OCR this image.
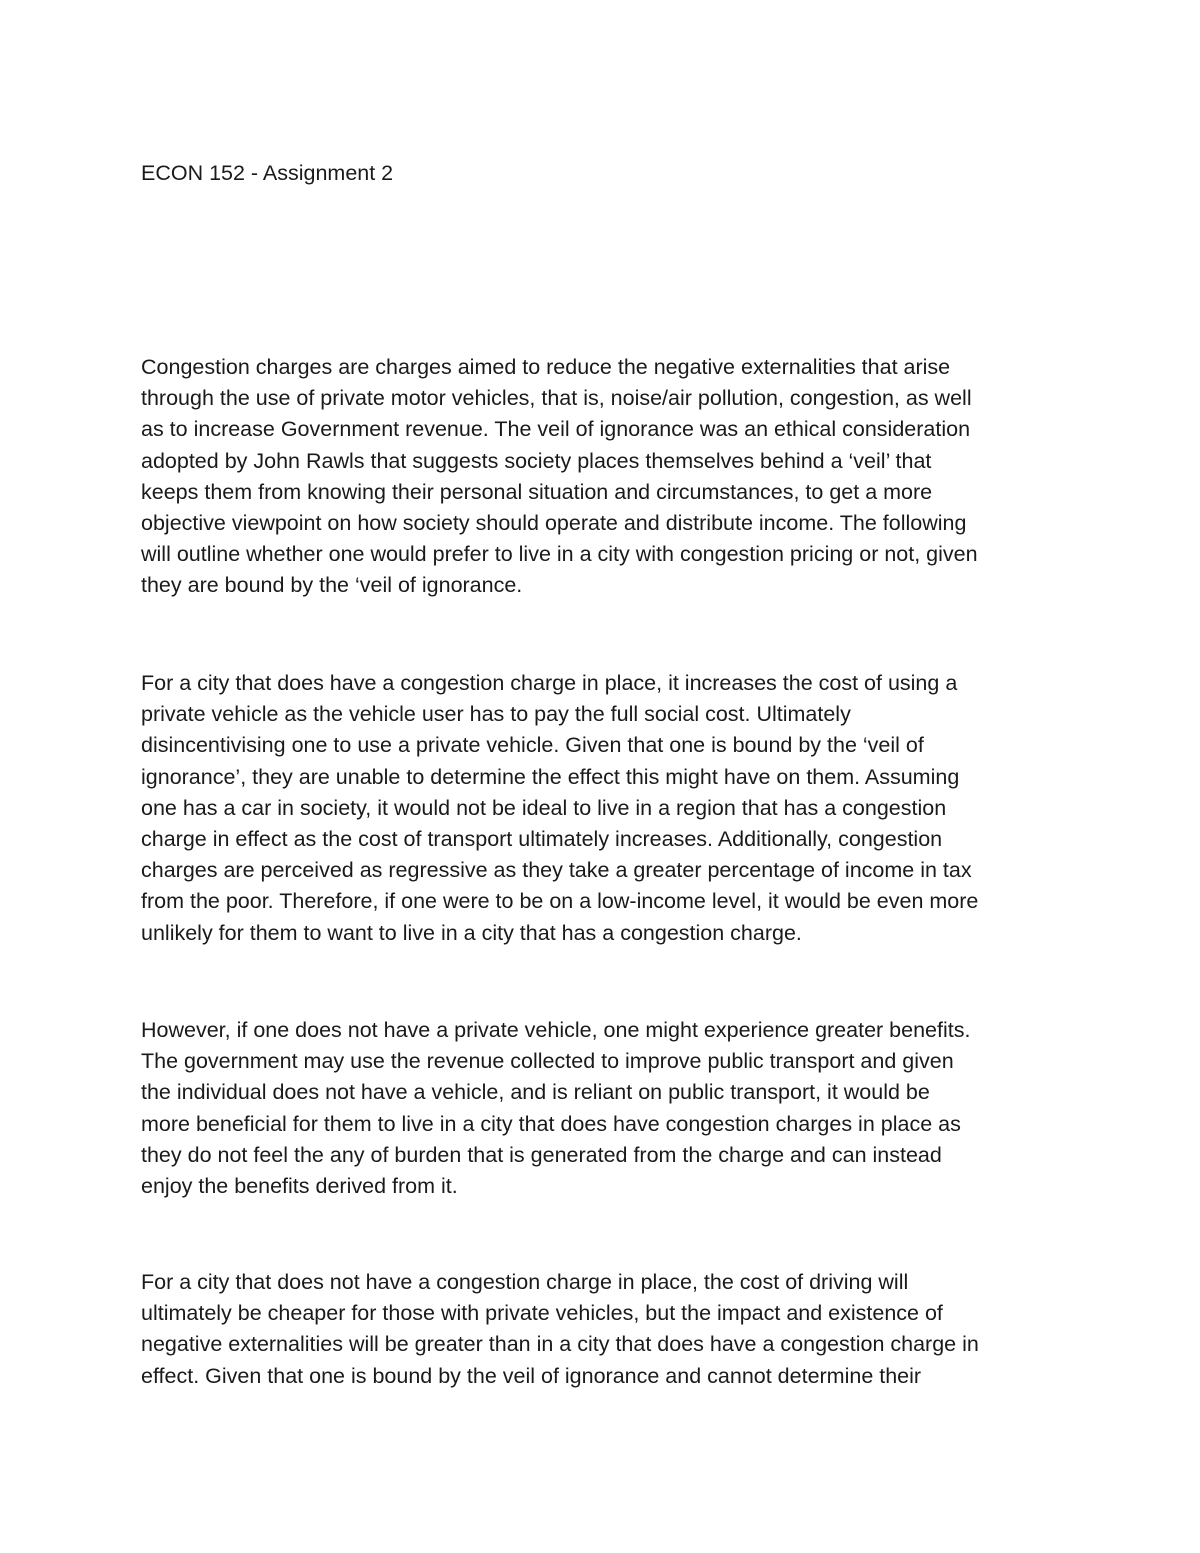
ECON 152 - Assignment 2

Congestion charges are charges aimed to reduce the negative externalities that arise
through the use of private motor vehicles, that is, noise/air pollution, congestion, as well
as to increase Government revenue. The veil of ignorance was an ethical consideration
adopted by John Rawls that suggests society places themselves behind a ‘veil’ that
keeps them from knowing their personal situation and circumstances, to get a more
objective viewpoint on how society should operate and distribute income. The following
will outline whether one would prefer to live in a city with congestion pricing or not, given
they are bound by the ‘veil of ignorance.

For a city that does have a congestion charge in place, it increases the cost of using a
private vehicle as the vehicle user has to pay the full social cost. Ultimately
disincentivising one to use a private vehicle. Given that one is bound by the ‘veil of
ignorance’, they are unable to determine the effect this might have on them. Assuming
one has a car in society, it would not be ideal to live in a region that has a congestion
charge in effect as the cost of transport ultimately increases. Additionally, congestion
charges are perceived as regressive as they take a greater percentage of income in tax
from the poor. Therefore, if one were to be on a low-income level, it would be even more
unlikely for them to want to live in a city that has a congestion charge.

However, if one does not have a private vehicle, one might experience greater benefits.
The government may use the revenue collected to improve public transport and given
the individual does not have a vehicle, and is reliant on public transport, it would be
more beneficial for them to live in a city that does have congestion charges in place as
they do not feel the any of burden that is generated from the charge and can instead
enjoy the benefits derived from it.

For a city that does not have a congestion charge in place, the cost of driving will
ultimately be cheaper for those with private vehicles, but the impact and existence of
negative externalities will be greater than in a city that does have a congestion charge in
effect. Given that one is bound by the veil of ignorance and cannot determine their
